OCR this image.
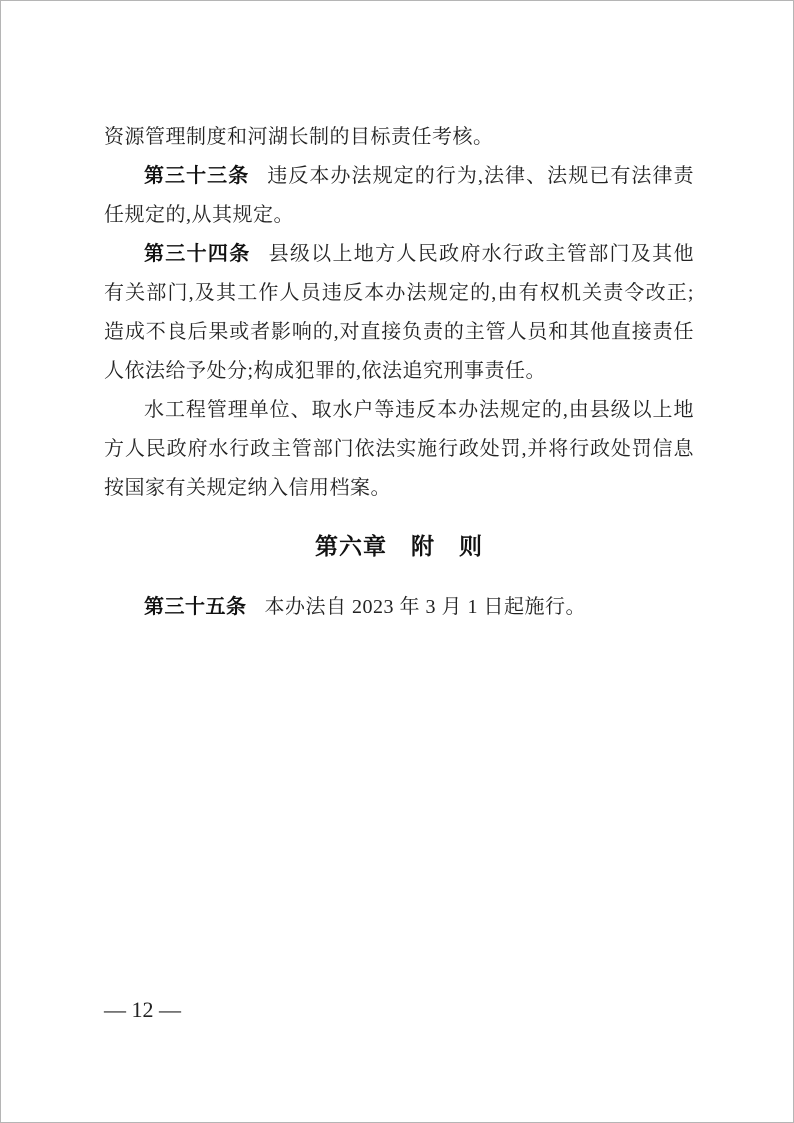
资源管理制度和河湖长制的目标责任考核。

第三十三条 违反本办法规定的行为,法律、法规已有法律责任规定的,从其规定。

第三十四条 县级以上地方人民政府水行政主管部门及其他有关部门,及其工作人员违反本办法规定的,由有权机关责令改正;造成不良后果或者影响的,对直接负责的主管人员和其他直接责任人依法给予处分;构成犯罪的,依法追究刑事责任。

水工程管理单位、取水户等违反本办法规定的,由县级以上地方人民政府水行政主管部门依法实施行政处罚,并将行政处罚信息按国家有关规定纳入信用档案。

第六章　附　则

第三十五条 本办法自 2023 年 3 月 1 日起施行。

— 12 —
